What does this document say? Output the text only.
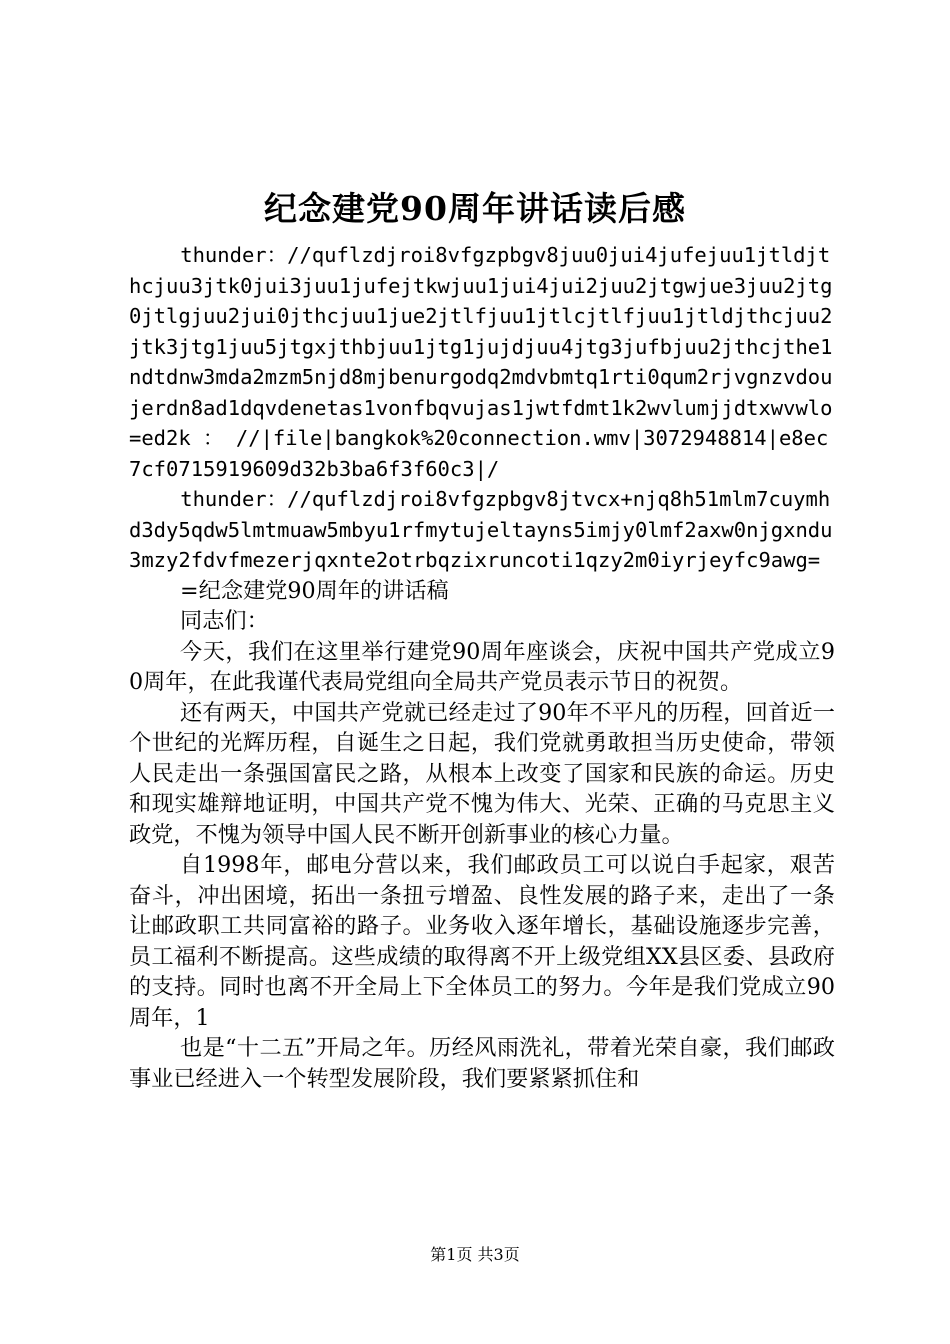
纪念建党90周年讲话读后感

thunder：//quflzdjroi8vfgzpbgv8juu0jui4jufejuu1jtldjthcjuu3jtk0jui3juu1jufejtkwjuu1jui4jui2juu2jtgwjue3juu2jtg0jtlgjuu2jui0jthcjuu1jue2jtlfjuu1jtlcjtlfjuu1jtldjthcjuu2jtk3jtg1juu5jtgxjthbjuu1jtg1jujdjuu4jtg3jufbjuu2jthcjthe1ndtdnw3mda2mzm5njd8mjbenurgodq2mdvbmtq1rti0qum2rjvgnzvdoujerdn8ad1dqvdenetas1vonfbqvujas1jwtfdmt1k2wvlumjjdtxwvwlo=ed2k ： //|file|bangkok%20connection.wmv|3072948814|e8ec7cf0715919609d32b3ba6f3f60c3|/

thunder：//quflzdjroi8vfgzpbgv8jtvcx+njq8h51mlm7cuymhd3dy5qdw5lmtmuaw5mbyu1rfmytujeltayns5imjy0lmf2axw0njgxndu3mzy2fdvfmezerjqxnte2otrbqzixruncoti1qzy2m0iyrjeyfc9awg=

=纪念建党90周年的讲话稿

同志们：

今天，我们在这里举行建党90周年座谈会，庆祝中国共产党成立90周年，在此我谨代表局党组向全局共产党员表示节日的祝贺。

还有两天，中国共产党就已经走过了90年不平凡的历程，回首近一个世纪的光辉历程，自诞生之日起，我们党就勇敢担当历史使命，带领人民走出一条强国富民之路，从根本上改变了国家和民族的命运。历史和现实雄辩地证明，中国共产党不愧为伟大、光荣、正确的马克思主义政党，不愧为领导中国人民不断开创新事业的核心力量。

自1998年，邮电分营以来，我们邮政员工可以说白手起家，艰苦奋斗，冲出困境，拓出一条扭亏增盈、良性发展的路子来，走出了一条让邮政职工共同富裕的路子。业务收入逐年增长，基础设施逐步完善，员工福利不断提高。这些成绩的取得离不开上级党组XX县区委、县政府的支持。同时也离不开全局上下全体员工的努力。今年是我们党成立90周年，1

也是“十二五”开局之年。历经风雨洗礼，带着光荣自豪，我们邮政事业已经进入一个转型发展阶段，我们要紧紧抓住和

第1页 共3页
